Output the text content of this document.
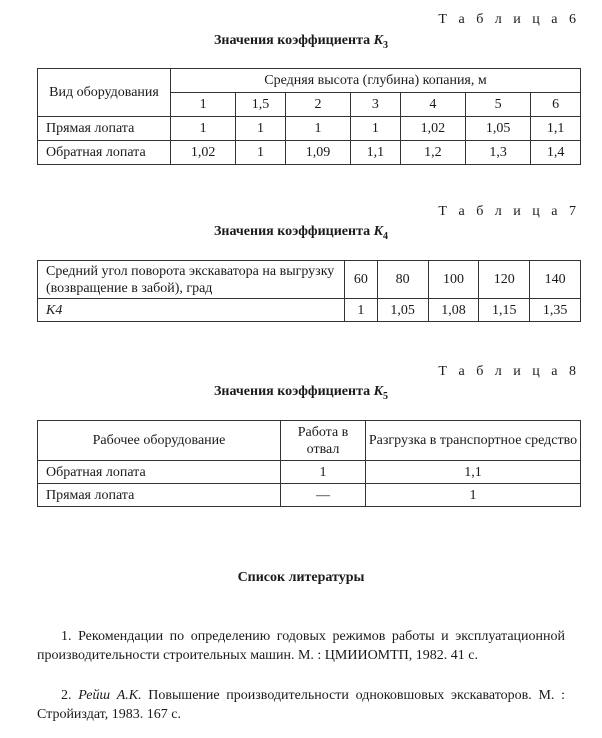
Т а б л и ц а 6
Значения коэффициента $K_3$
Вид оборудования	Средняя высота (глубина) копания, м						
	1	1,5	2	3	4	5	6
Прямая лопата	1	1	1	1	1,02	1,05	1,1
Обратная лопата	1,02	1	1,09	1,1	1,2	1,3	1,4
Т а б л и ц а 7
Значения коэффициента $K_4$
Средний угол поворота экскаватора на выгрузку (возвращение в забой), град	60	80	100	120	140
K4	1	1,05	1,08	1,15	1,35
Т а б л и ц а 8
Значения коэффициента $K_5$
Рабочее оборудование	Работа в отвал	Разгрузка в транспортное средство
Обратная лопата	1	1,1
Прямая лопата	—	1
Список литературы
1. Рекомендации по определению годовых режимов работы и эксплуатационной производительности строительных машин. М. : ЦМИИОМТП, 1982. 41 с.
2. Рейш А.К. Повышение производительности одноковшовых экскаваторов. М. : Стройиздат, 1983. 167 с.
